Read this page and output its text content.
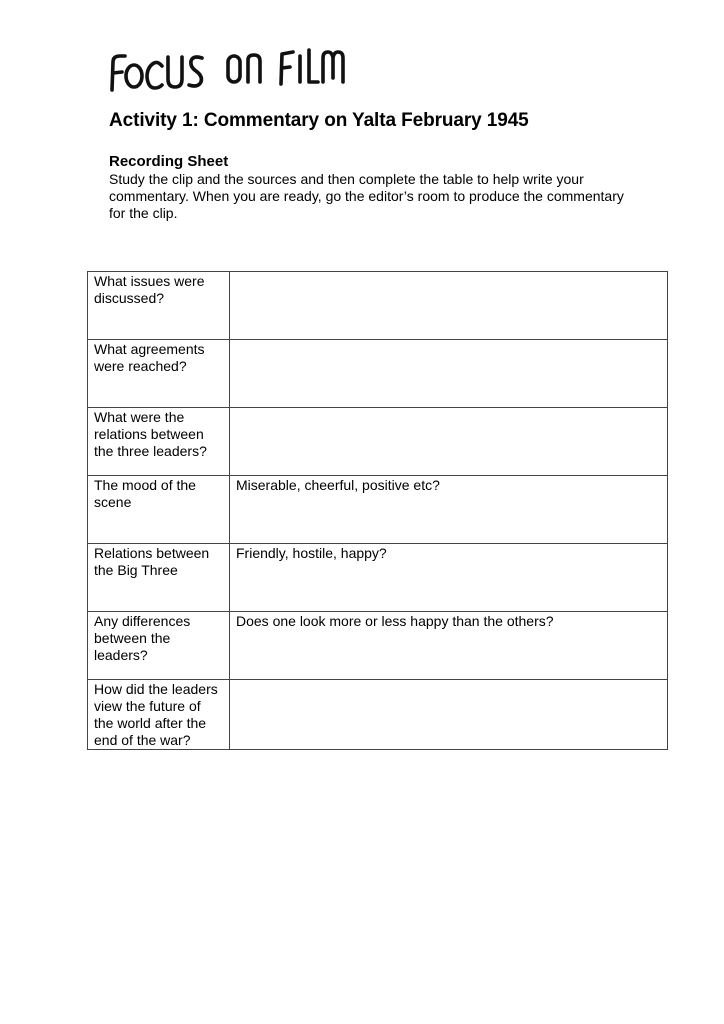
Activity 1: Commentary on Yalta February 1945
Recording Sheet

Study the clip and the sources and then complete the table to help write your commentary. When you are ready, go the editor’s room to produce the commentary for the clip.

What issues were discussed?	
What agreements were reached?	
What were the relations between the three leaders?	
The mood of the scene	Miserable, cheerful, positive etc?
Relations between the Big Three	Friendly, hostile, happy?
Any differences between the leaders?	Does one look more or less happy than the others?
How did the leaders view the future of the world after the end of the war?	
